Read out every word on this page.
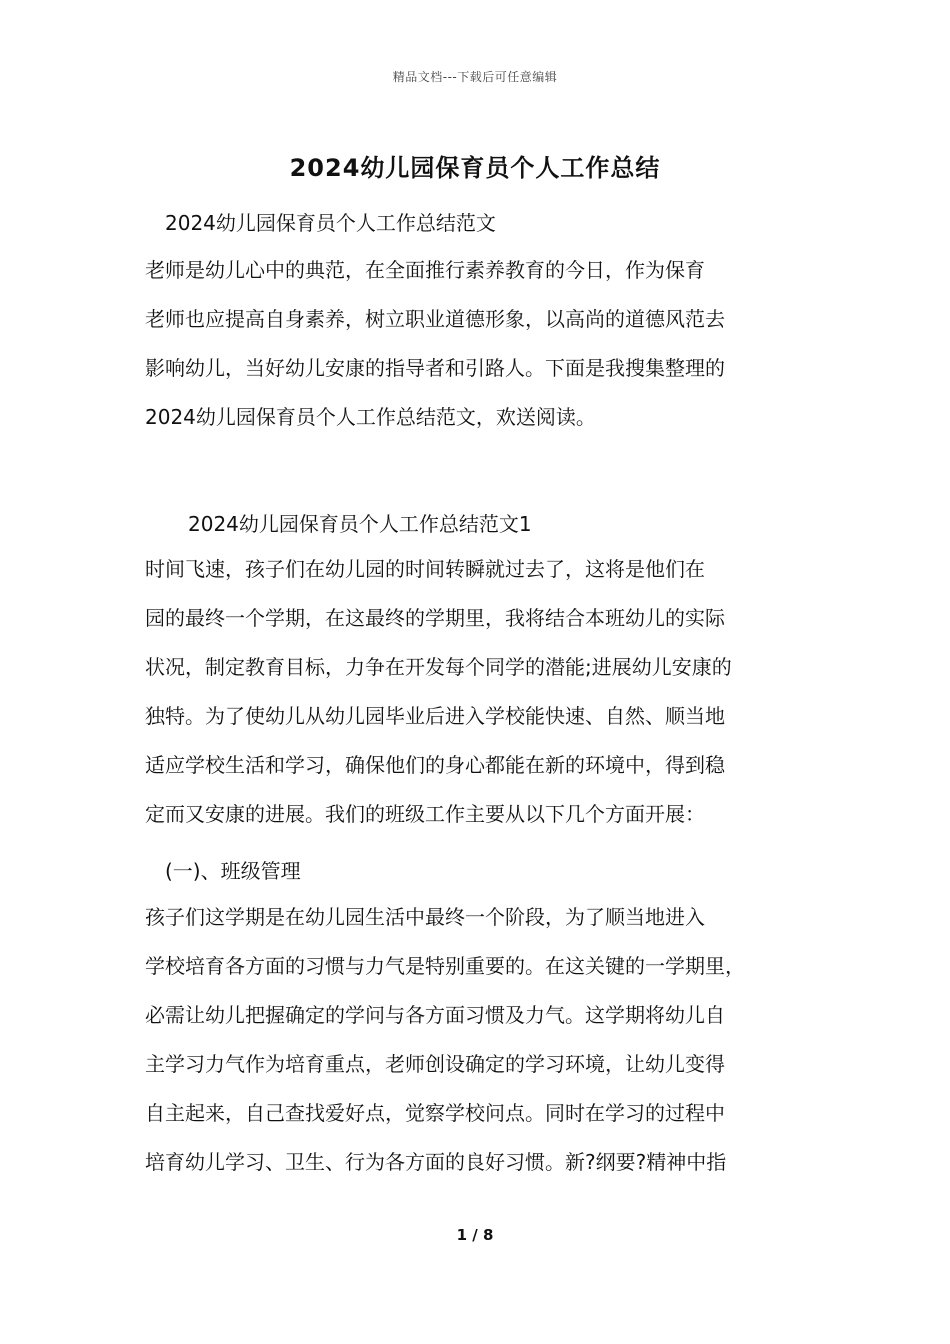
精品文档---下载后可任意编辑
2024幼儿园保育员个人工作总结
2024幼儿园保育员个人工作总结范文
老师是幼儿心中的典范，在全面推行素养教育的今日，作为保育
老师也应提高自身素养，树立职业道德形象，以高尚的道德风范去
影响幼儿，当好幼儿安康的指导者和引路人。下面是我搜集整理的
2024幼儿园保育员个人工作总结范文，欢送阅读。
2024幼儿园保育员个人工作总结范文1
时间飞速，孩子们在幼儿园的时间转瞬就过去了，这将是他们在
园的最终一个学期，在这最终的学期里，我将结合本班幼儿的实际
状况，制定教育目标，力争在开发每个同学的潜能;进展幼儿安康的
独特。为了使幼儿从幼儿园毕业后进入学校能快速、自然、顺当地
适应学校生活和学习，确保他们的身心都能在新的环境中，得到稳
定而又安康的进展。我们的班级工作主要从以下几个方面开展：
(一)、班级管理
孩子们这学期是在幼儿园生活中最终一个阶段，为了顺当地进入
学校培育各方面的习惯与力气是特别重要的。在这关键的一学期里，
必需让幼儿把握确定的学问与各方面习惯及力气。这学期将幼儿自
主学习力气作为培育重点，老师创设确定的学习环境，让幼儿变得
自主起来，自己查找爱好点，觉察学校问点。同时在学习的过程中
培育幼儿学习、卫生、行为各方面的良好习惯。新?纲要?精神中指
1 / 8
